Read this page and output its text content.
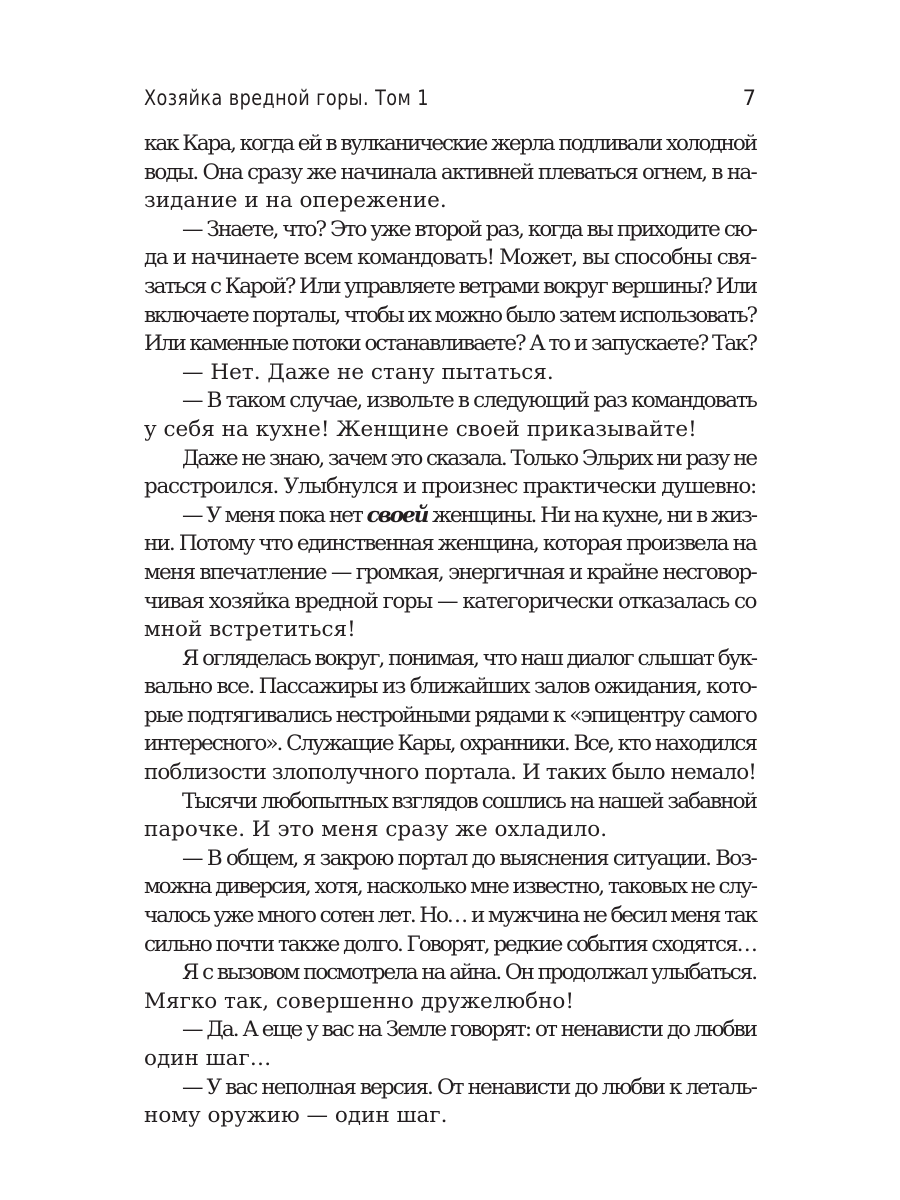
Хозяйка вредной горы. Том 1	7

как Кара, когда ей в вулканические жерла подливали холодной
воды. Она сразу же начинала активней плеваться огнем, в на-
зидание и на опережение.

— Знаете, что? Это уже второй раз, когда вы приходите сю-
да и начинаете всем командовать! Может, вы способны свя-
заться с Карой? Или управляете ветрами вокруг вершины? Или
включаете порталы, чтобы их можно было затем использовать?
Или каменные потоки останавливаете? А то и запускаете? Так?

— Нет. Даже не стану пытаться.

— В таком случае, извольте в следующий раз командовать
у себя на кухне! Женщине своей приказывайте!

Даже не знаю, зачем это сказала. Только Эльрих ни разу не
расстроился. Улыбнулся и произнес практически душевно:

— У меня пока нет своей женщины. Ни на кухне, ни в жиз-
ни. Потому что единственная женщина, которая произвела на
меня впечатление — громкая, энергичная и крайне несговор-
чивая хозяйка вредной горы — категорически отказалась со
мной встретиться!

Я огляделась вокруг, понимая, что наш диалог слышат бук-
вально все. Пассажиры из ближайших залов ожидания, кото-
рые подтягивались нестройными рядами к «эпицентру самого
интересного». Служащие Кары, охранники. Все, кто находился
поблизости злополучного портала. И таких было немало!

Тысячи любопытных взглядов сошлись на нашей забавной
парочке. И это меня сразу же охладило.

— В общем, я закрою портал до выяснения ситуации. Воз-
можна диверсия, хотя, насколько мне известно, таковых не слу-
чалось уже много сотен лет. Но… и мужчина не бесил меня так
сильно почти также долго. Говорят, редкие события сходятся…

Я с вызовом посмотрела на айна. Он продолжал улыбаться.
Мягко так, совершенно дружелюбно!

— Да. А еще у вас на Земле говорят: от ненависти до любви
один шаг…

— У вас неполная версия. От ненависти до любви к леталь-
ному оружию — один шаг.
